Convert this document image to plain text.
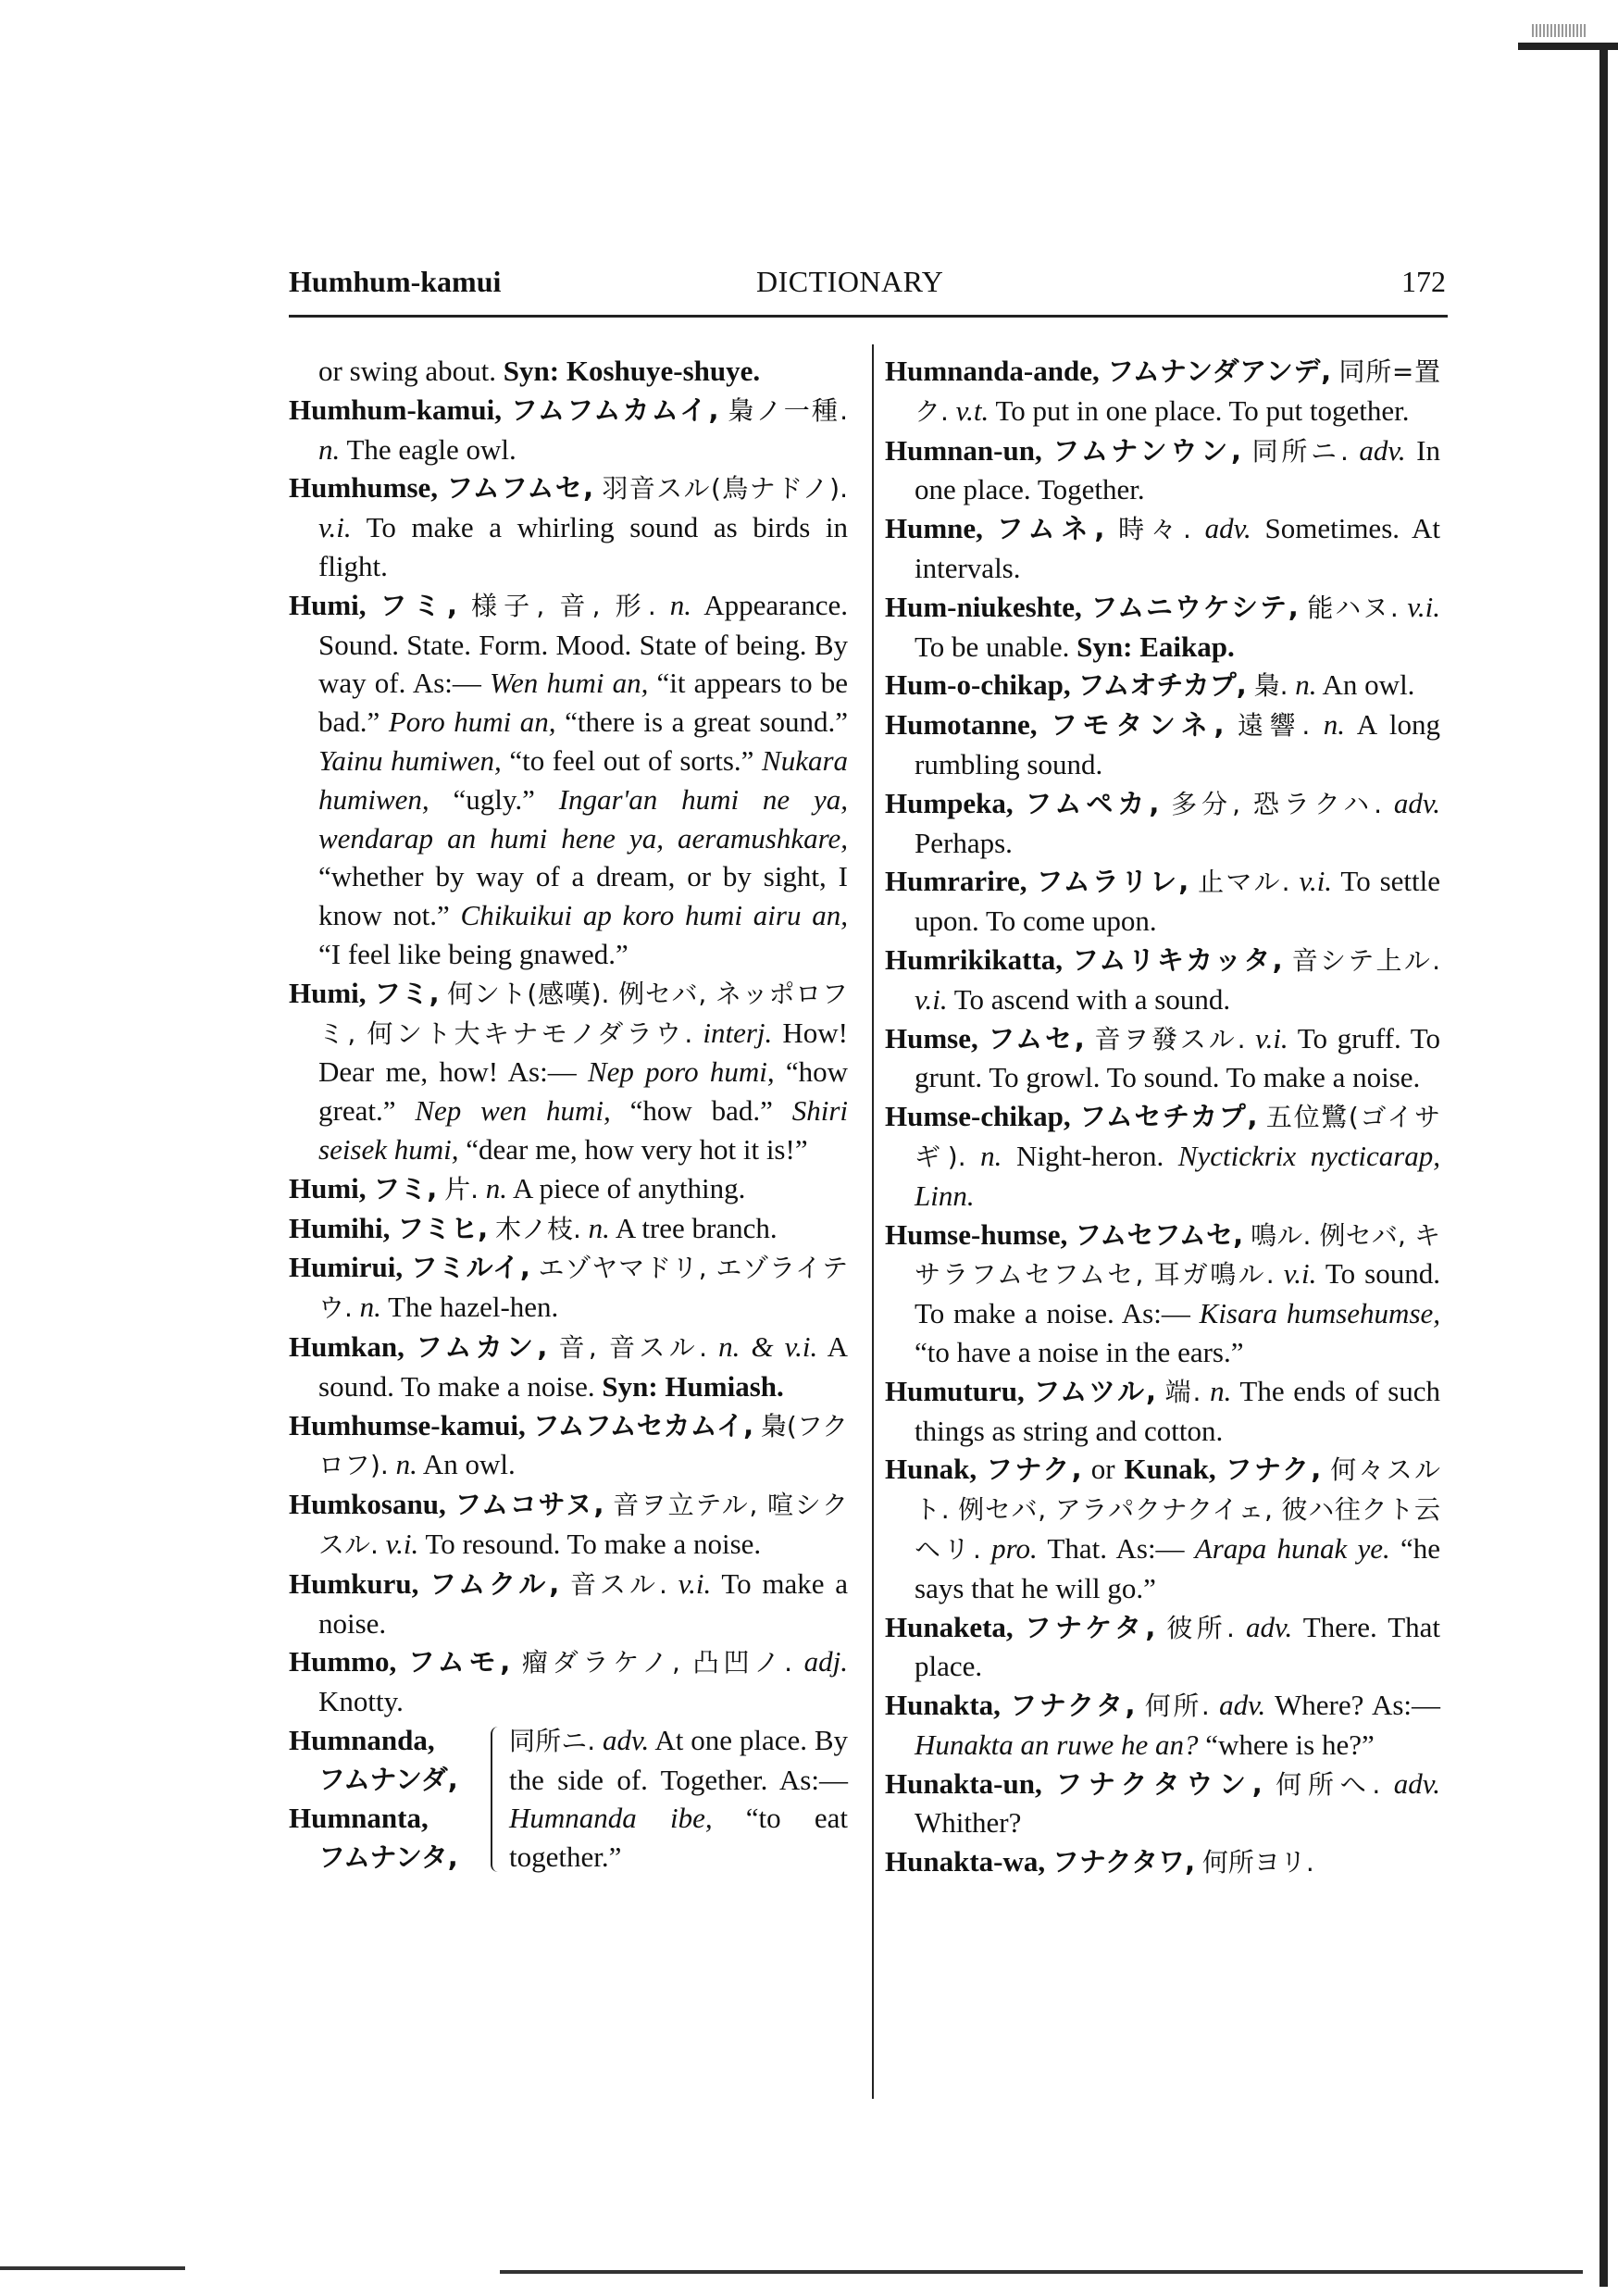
Humhum-kamui	DICTIONARY	172
or swing about. Syn: Koshuye-shuye.
Humhum-kamui, フムフムカムイ, 梟ノ一種. n. The eagle owl.
Humhumse, フムフムセ, 羽音スル(鳥ナドノ). v.i. To make a whirling sound as birds in flight.
Humi, フミ, 様子, 音, 形. n. Appearance. Sound. State. Form. Mood. State of being. By way of. As:— Wen humi an, “it appears to be bad.” Poro humi an, “there is a great sound.” Yainu humiwen, “to feel out of sorts.” Nukara humiwen, “ugly.” Ingar'an humi ne ya, wendarap an humi hene ya, aeramushkare, “whether by way of a dream, or by sight, I know not.” Chikuikui ap koro humi airu an, “I feel like being gnawed.”
Humi, フミ, 何ント(感嘆). 例セバ, ネッポロフミ, 何ント大キナモノダラウ. interj. How! Dear me, how! As:— Nep poro humi, “how great.” Nep wen humi, “how bad.” Shiri seisek humi, “dear me, how very hot it is!”
Humi, フミ, 片. n. A piece of anything.
Humihi, フミヒ, 木ノ枝. n. A tree branch.
Humirui, フミルイ, エゾヤマドリ, エゾライテウ. n. The hazel-hen.
Humkan, フムカン, 音, 音スル. n. & v.i. A sound. To make a noise. Syn: Humiash.
Humhumse-kamui, フムフムセカムイ, 梟(フクロフ). n. An owl.
Humkosanu, フムコサヌ, 音ヲ立テル, 喧シクスル. v.i. To resound. To make a noise.
Humkuru, フムクル, 音スル. v.i. To make a noise.
Hummo, フムモ, 瘤ダラケノ, 凸凹ノ. adj. Knotty.
Humnanda,
フムナンダ,
Humnanta,
フムナンタ,
同所ニ. adv. At one place. By the side of. Together. As:— Humnanda ibe, “to eat together.”
Humnanda-ande, フムナンダアンデ, 同所=置ク. v.t. To put in one place. To put together.
Humnan-un, フムナンウン, 同所ニ. adv. In one place. Together.
Humne, フムネ, 時々. adv. Sometimes. At intervals.
Hum-niukeshte, フムニウケシテ, 能ハヌ. v.i. To be unable. Syn: Eaikap.
Hum-o-chikap, フムオチカプ, 梟. n. An owl.
Humotanne, フモタンネ, 遠響. n. A long rumbling sound.
Humpeka, フムペカ, 多分, 恐ラクハ. adv. Perhaps.
Humrarire, フムラリレ, 止マル. v.i. To settle upon. To come upon.
Humrikikatta, フムリキカッタ, 音シテ上ル. v.i. To ascend with a sound.
Humse, フムセ, 音ヲ發スル. v.i. To gruff. To grunt. To growl. To sound. To make a noise.
Humse-chikap, フムセチカプ, 五位鷺(ゴイサギ). n. Night-heron. Nyctickrix nycticarap, Linn.
Humse-humse, フムセフムセ, 鳴ル. 例セバ, キサラフムセフムセ, 耳ガ鳴ル. v.i. To sound. To make a noise. As:— Kisara humsehumse, “to have a noise in the ears.”
Humuturu, フムツル, 端. n. The ends of such things as string and cotton.
Hunak, フナク, or Kunak, フナク, 何々スルト. 例セバ, アラパクナクイェ, 彼ハ往クト云ヘリ. pro. That. As:— Arapa hunak ye. “he says that he will go.”
Hunaketa, フナケタ, 彼所. adv. There. That place.
Hunakta, フナクタ, 何所. adv. Where? As:— Hunakta an ruwe he an? “where is he?”
Hunakta-un, フナクタウン, 何所へ. adv. Whither?
Hunakta-wa, フナクタワ, 何所ヨリ.
